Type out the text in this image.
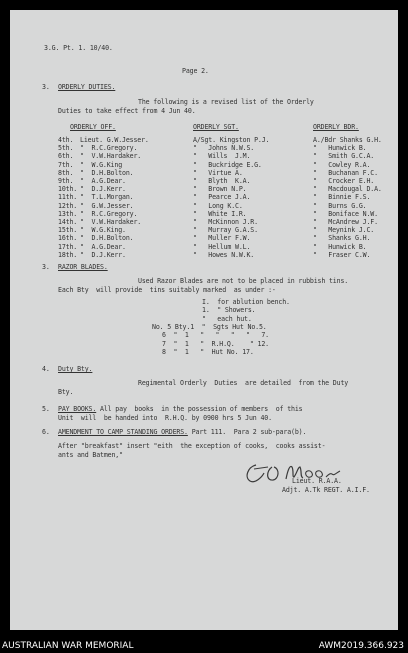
3.G. Pt. 1. 10/40.
Page 2.
3. ORDERLY DUTIES.
The following is a revised list of the Orderly
Duties to take effect from 4 Jun 40.
ORDERLY OFF.	ORDERLY SGT.	ORDERLY BDR.
3. RAZOR BLADES.
Used Razor Blades are not to be placed in rubbish tins.
Each Bty  will provide  tins suitably marked  as under :-
4. Duty Bty.
Regimental Orderly  Duties  are detailed  from the Duty
Bty.
5. PAY BOOKS. All pay  books  in the possession of members  of this
Unit  will  be handed into  R.H.Q. by 0900 hrs 5 Jun 40.
6. AMENDMENT TO CAMP STANDING ORDERS. Part 111.  Para 2 sub-para(b).
After "breakfast" insert "eith  the exception of cooks,  cooks assist-
ants and Batmen,"
Lieut. R.A.A.
Adjt. A.Tk REGT. A.I.F.
4th. Lieut. G.W.Jesser.	A/Sgt. Kingston P.J.	A./Bdr Shanks G.H.
5th. "  R.C.Gregory.	"   Johns N.W.S.	"   Hunwick B.
6th. "  V.W.Hardaker.	"   Wills  J.M.	"   Smith G.C.A.
7th. "  W.G.King	"   Buckridge E.G.	"   Cowley R.A.
8th. "  D.H.Bolton.	"   Virtue A.	"   Buchanan F.C.
9th. "  A.G.Dear.	"   Blyth  K.A.	"   Crocker E.H.
10th. "  D.J.Kerr.	"   Brown N.P.	"   Macdougal D.A.
11th. "  T.L.Morgan.	"   Pearce J.A.	"   Binnie F.S.
12th. "  G.W.Jesser.	"   Long K.C.	"   Burns G.G.
13th. "  R.C.Gregory.	"   White I.R.	"   Boniface N.W.
14th. "  V.W.Hardaker.	"   McKinnon J.R.	"   McAndrew J.F.
15th. "  W.G.King.	"   Murray G.A.S.	"   Meynink J.C.
16th. "  D.H.Bolton.	"   Muller F.W.	"   Shanks G.H.
17th. "  A.G.Dear.	"   Hellum W.L.	"   Hunwick B.
18th. "  D.J.Kerr.	"   Howes N.W.K.	"   Fraser C.W.
I.  for ablution bench.
1.  " Showers.
"   each hut.
No. 5 Bty.1  "  Sgts Hut No.5.
6  "  1   "   "   "   "   7.
7  "  1   "  R.H.Q.    " 12.
8  "  1   "  Hut No. 17.
AUSTRALIAN WAR MEMORIAL	AWM2019.366.923
